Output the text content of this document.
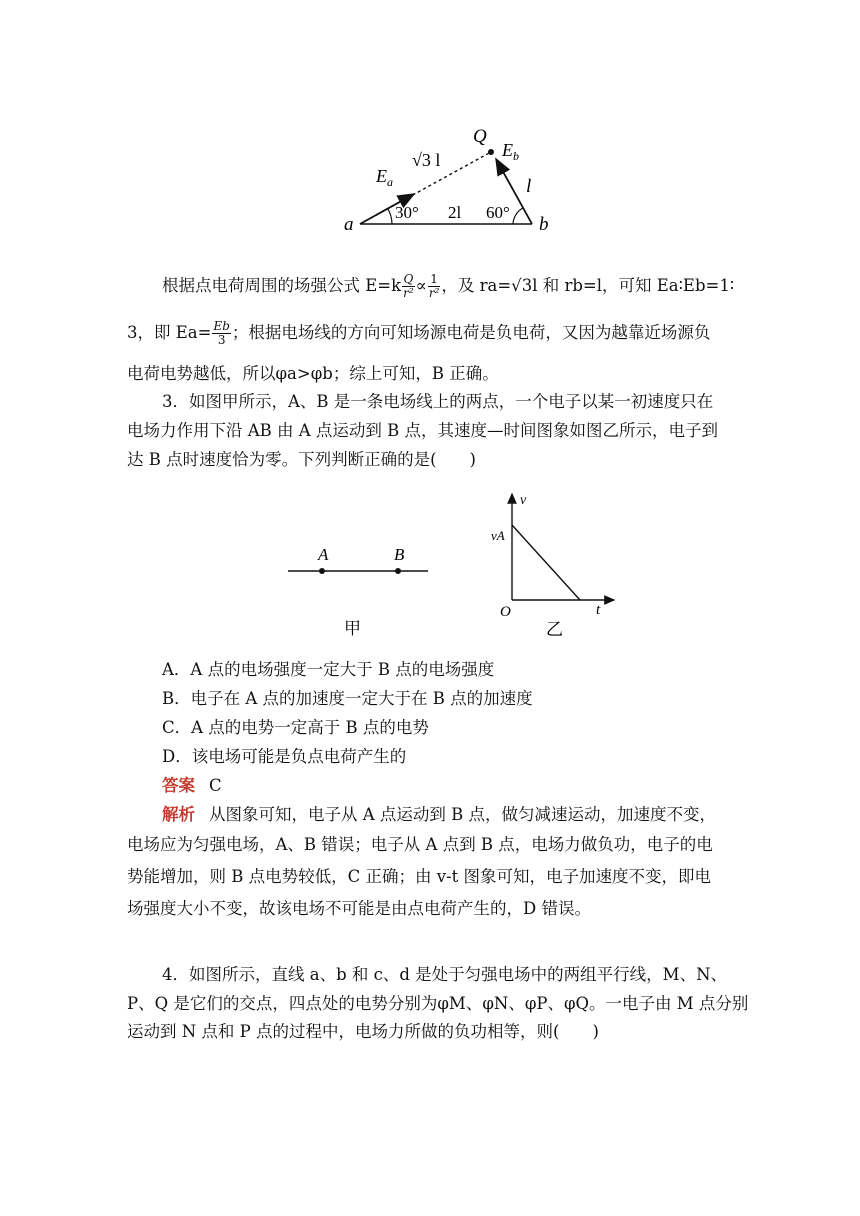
Q
$E_b$
$E_a$
√3 l
l
a	b
30° 2l 60°
根据点电荷周围的场强公式 $E=k \frac{Q}{\text{r²}} \propto \frac{1}{\text{r²}}$ ，及 ra=√3l 和 rb=l，可知 Ea∶Eb=1∶
3，即 $Ea= \frac{Eb}{3}$ ；根据电场线的方向可知场源电荷是负电荷，又因为越靠近场源负
电荷电势越低，所以φa>φb；综上可知，B 正确。
3．如图甲所示，A、B 是一条电场线上的两点，一个电子以某一初速度只在
电场力作用下沿 AB 由 A 点运动到 B 点，其速度—时间图象如图乙所示，电子到
达 B 点时速度恰为零。下列判断正确的是(　　)
A	B
甲
v
vA
O	t
乙
A．A 点的电场强度一定大于 B 点的电场强度
B．电子在 A 点的加速度一定大于在 B 点的加速度
C．A 点的电势一定高于 B 点的电势
D．该电场可能是负点电荷产生的
答案 C
解析 从图象可知，电子从 A 点运动到 B 点，做匀减速运动，加速度不变，
电场应为匀强电场，A、B 错误；电子从 A 点到 B 点，电场力做负功，电子的电
势能增加，则 B 点电势较低，C 正确；由 v-t 图象可知，电子加速度不变，即电
场强度大小不变，故该电场不可能是由点电荷产生的，D 错误。
4．如图所示，直线 a、b 和 c、d 是处于匀强电场中的两组平行线，M、N、
P、Q 是它们的交点，四点处的电势分别为φM、φN、φP、φQ。一电子由 M 点分别
运动到 N 点和 P 点的过程中，电场力所做的负功相等，则(　　)
